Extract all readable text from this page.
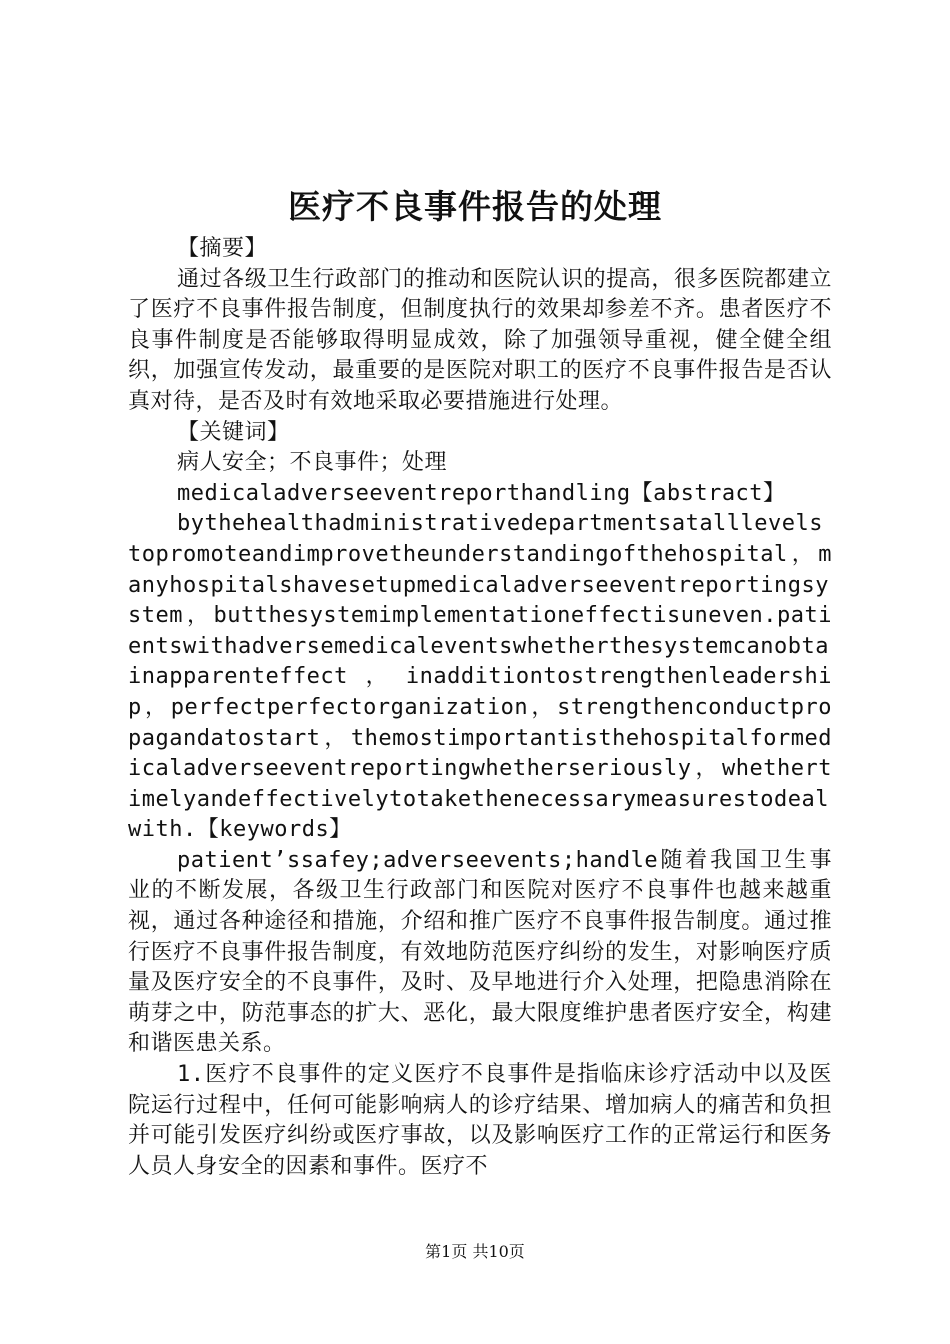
医疗不良事件报告的处理

【摘要】

通过各级卫生行政部门的推动和医院认识的提高，很多医院都建立了医疗不良事件报告制度，但制度执行的效果却参差不齐。患者医疗不良事件制度是否能够取得明显成效，除了加强领导重视，健全健全组织，加强宣传发动，最重要的是医院对职工的医疗不良事件报告是否认真对待，是否及时有效地采取必要措施进行处理。

【关键词】

病人安全；不良事件；处理

medicaladverseeventreporthandling【abstract】

bythehealthadministrativedepartmentsatalllevelstopromoteandimprovetheunderstandingofthehospital，manyhospitalshavesetupmedicaladverseeventreportingsystem，butthesystemimplementationeffectisuneven.patientswithadversemedicaleventswhetherthesystemcanobtainapparenteffect，inadditiontostrengthenleadership，perfectperfectorganization，strengthenconductpropagandatostart，themostimportantisthehospitalformedicaladverseeventreportingwhetherseriously，whethertimelyandeffectivelytotakethenecessarymeasurestodealwith.【keywords】

patient’ssafey;adverseevents;handle随着我国卫生事业的不断发展，各级卫生行政部门和医院对医疗不良事件也越来越重视，通过各种途径和措施，介绍和推广医疗不良事件报告制度。通过推行医疗不良事件报告制度，有效地防范医疗纠纷的发生，对影响医疗质量及医疗安全的不良事件，及时、及早地进行介入处理，把隐患消除在萌芽之中，防范事态的扩大、恶化，最大限度维护患者医疗安全，构建和谐医患关系。

1.医疗不良事件的定义医疗不良事件是指临床诊疗活动中以及医院运行过程中，任何可能影响病人的诊疗结果、增加病人的痛苦和负担并可能引发医疗纠纷或医疗事故，以及影响医疗工作的正常运行和医务人员人身安全的因素和事件。医疗不

第1页 共10页
